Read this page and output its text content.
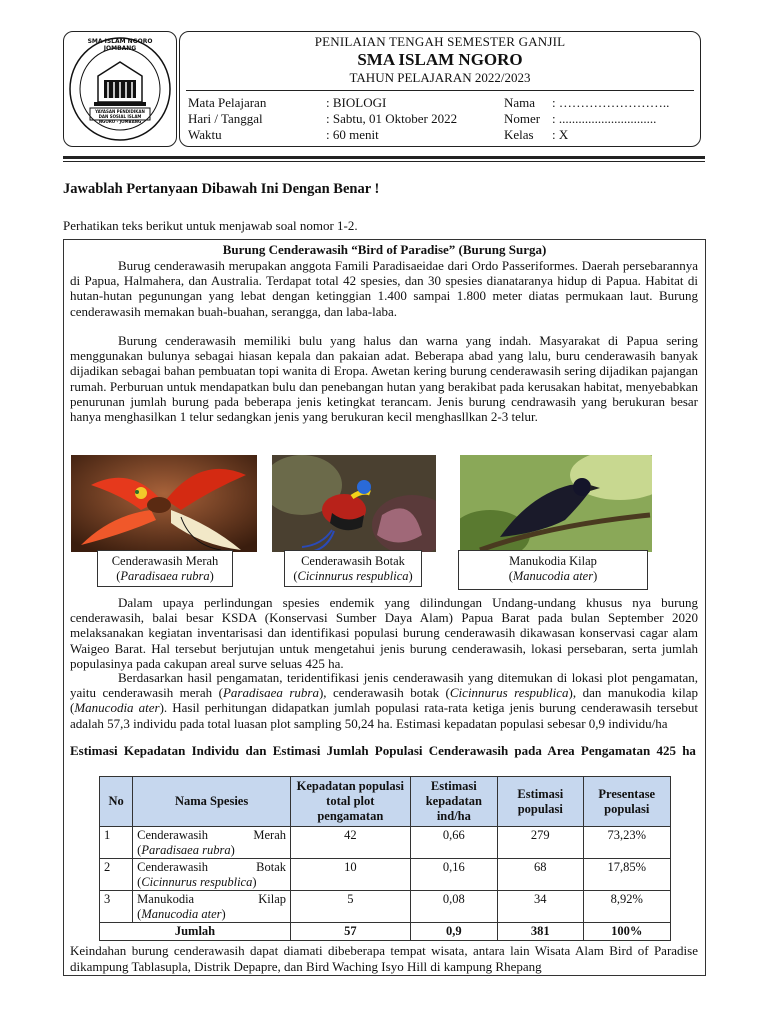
SMA ISLAM NGORO JOMBANG
YAYASAN PENDIDIKAN DAN SOSIAL ISLAM NGORO - JOMBANG
PENILAIAN TENGAH SEMESTER GANJIL
SMA ISLAM NGORO
TAHUN PELAJARAN 2022/2023
Mata Pelajaran	: BIOLOGI
Hari / Tanggal	: Sabtu, 01 Oktober 2022
Waktu	: 60 menit
Nama : ……………………..
Nomer : ..............................
Kelas : X
Jawablah Pertanyaan Dibawah Ini Dengan Benar !
Perhatikan teks berikut untuk menjawab soal nomor 1-2.
Burung Cenderawasih “Bird of Paradise” (Burung Surga)

Burug cenderawasih merupakan anggota Famili Paradisaeidae dari Ordo Passeriformes. Daerah persebarannya di Papua, Halmahera, dan Australia. Terdapat total 42 spesies, dan 30 spesies dianataranya hidup di Papua. Habitat di hutan-hutan pegunungan yang lebat dengan ketinggian 1.400 sampai 1.800 meter diatas permukaan laut. Burung cenderawasih memakan buah-buahan, serangga, dan laba-laba.

Burung cenderawasih memiliki bulu yang halus dan warna yang indah. Masyarakat di Papua sering menggunakan bulunya sebagai hiasan kepala dan pakaian adat. Beberapa abad yang lalu, buru cenderawasih banyak dijadikan sebagai bahan pembuatan topi wanita di Eropa. Awetan kering burung cenderawasih sering dijadikan pajangan rumah. Perburuan untuk mendapatkan bulu dan penebangan hutan yang berakibat pada kerusakan habitat, menyebabkan penurunan jumlah burung pada beberapa jenis ketingkat terancam. Jenis burung cendrawasih yang berukuran besar hanya menghasilkan 1 telur sedangkan jenis yang berukuran kecil menghasllkan 2-3 telur.

Cenderawasih Merah
(Paradisaea rubra)
Cenderawasih Botak
(Cicinnurus respublica)
Manukodia Kilap
(Manucodia ater)

Dalam upaya perlindungan spesies endemik yang dilindungan Undang-undang khusus nya burung cenderawasih, balai besar KSDA (Konservasi Sumber Daya Alam) Papua Barat pada bulan September 2020 melaksanakan kegiatan inventarisasi dan identifikasi populasi burung cenderawasih dikawasan konservasi cagar alam Waigeo Barat. Hal tersebut berjutujan untuk mengetahui jenis burung cenderawasih, lokasi persebaran, serta jumlah populasinya pada cakupan areal surve seluas 425 ha.

Berdasarkan hasil pengamatan, teridentifikasi jenis cenderawasih yang ditemukan di lokasi plot pengamatan, yaitu cenderawasih merah (Paradisaea rubra), cenderawasih botak (Cicinnurus respublica), dan manukodia kilap (Manucodia ater). Hasil perhitungan didapatkan jumlah populasi rata-rata ketiga jenis burung cenderawasih tersebut adalah 57,3 individu pada total luasan plot sampling 50,24 ha. Estimasi kepadatan populasi sebesar 0,9 individu/ha

Estimasi Kepadatan Individu dan Estimasi Jumlah Populasi Cenderawasih pada Area Pengamatan 425 ha
No	Nama Spesies	Kepadatan populasi total plot pengamatan	Estimasi kepadatan ind/ha	Estimasi populasi	Presentase populasi
1	Cenderawasih Merah
(Paradisaea rubra)	42	0,66	279	73,23%
2	Cenderawasih Botak
(Cicinnurus respublica)	10	0,16	68	17,85%
3	Manukodia Kilap
(Manucodia ater)	5	0,08	34	8,92%
Jumlah		57	0,9	381	100%
Keindahan burung cenderawasih dapat diamati dibeberapa tempat wisata, antara lain Wisata Alam Bird of Paradise dikampung Tablasupla, Distrik Depapre, dan Bird Waching Isyo Hill di kampung Rhepang
